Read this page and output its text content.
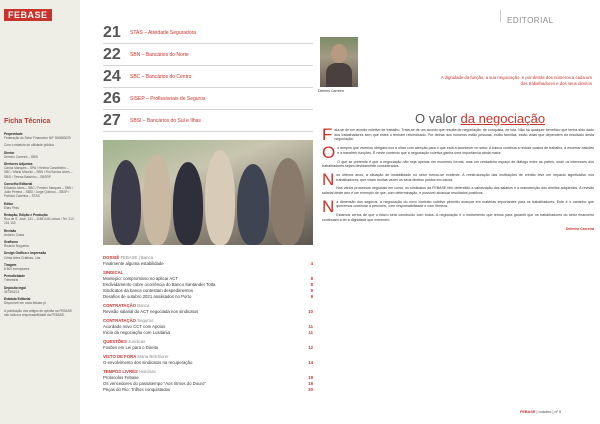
FEBASE
Ficha Técnica

Propriedade
Federação do Setor Financeiro NIF 500883029

Com o estatuto de utilidade pública

Diretor
Delmiro Carreira – SBSI

Diretores Adjuntos
Carlos Marques – SPA / Helena Carvalheiro – SBC / Mário Mourão – SBN / Rui Santos Alves – SBSI / Teresa Baixinho – SBSRP

Conselho Editorial
Eduardo Alves – SBC / Firmino Marques – SBN / João Pereira – SBSI / Jorge Quiroso – SBSP / Patrícia Caixinha – STAS

Editor
Elias Pinto

Redação, Edição e Produção
Rua de S. José, 131 – 1169-046 Lisboa / Tel. 213 216 100

Revisão
António Costa

Grafismo
Ricardo Nogueira

Design Gráfico e Impressão
Clima Artes Gráficas, Lda.

Tiragem
8 500 exemplares

Periodicidade
Trimestral

Depósito legal
367553/13

Estatuto Editorial
Disponível em www.febase.pt

A publicação dos artigos de opinião na FEBASE não indica a responsabilidade da FEBASE.

21	STAS – Atividade Seguradora
22	SBN – Bancários do Norte
24	SBC – Bancários do Centro
26	SISEP – Profissionais de Seguros
27	SBSI – Bancários do Sul e Ilhas
DOSSIÊ FEBASE | Banca
Finalmente alguma estabilidade	4
SINDICAL
Montepio: compromisso no aplicar ACT	8
Endividamento cobre ocorrência do Banco Santander Totta	8
Sindicatos da banca contestam despedimentos	9
Desafios de outubro 2021 analisados no Porto	9
CONTRATAÇÃO Banca
Revisão salarial do ACT negociada nos sindicatos	10
CONTRATAÇÃO Seguros
Acordado novo CCT com Apoios	11
Inicia da negociação com Lusitania	11
QUESTÕES Jurídicas
Fusões em Lei para o Direito	12
VISTO DE FORA Maria Belchiorer
O envolvimento dos sindicatos na recuperação	14
TEMPOS LIVRES Histórias
Protocolos Febase	19
Os vencedores do passatempo "Aos ritmos do Douro"	19
Peças do Rio: Trilhos conquistados	20
EDITORIAL
Delmiro Carreira
A dignidade da função, a sua negociação, e por detrás dos números a cada um dos trabalhadores e dos seus direitos
O valor da negociação

Fala-se de um acordo coletivo de trabalho. Trata-se de um acordo que resulta de negociação, de conquista, de luta. Não há qualquer benefício que tenha sido dado aos trabalhadores sem que estes o tenham reivindicado. Por detrás dos números estão pessoas, estão famílias, estão vidas que dependem do resultado desta negociação.

Os tempos que vivemos obrigam-nos a olhar com atenção para o que está a acontecer no setor. A banca continua a reduzir postos de trabalho, a encerrar balcões e a transferir funções. É neste contexto que a negociação coletiva ganha uma importância ainda maior.

O que se pretende é que a negociação não seja apenas um momento formal, mas um verdadeiro espaço de diálogo entre as partes, onde os interesses dos trabalhadores sejam devidamente considerados.

Nos últimos anos, a situação de instabilidade no setor tornou-se evidente. A reestruturação das instituições de crédito teve um impacto significativo nos trabalhadores, que viram muitas vezes os seus direitos postos em causa.

Nos vários processos negociais em curso, os sindicatos da FEBASE têm defendido a valorização dos salários e a manutenção dos direitos adquiridos. A revisão salarial deste ano é um exemplo de que, com determinação, é possível alcançar resultados positivos.

Na dimensão dos seguros, a negociação do novo contrato coletivo permitiu avançar em matérias importantes para os trabalhadores. Este é o caminho que queremos continuar a percorrer, com responsabilidade e com firmeza.

Estamos certos de que o futuro será construído com todos. A negociação é o instrumento que temos para garantir que os trabalhadores do setor financeiro continuam a ter a dignidade que merecem.

Delmiro Carreira

FEBASE | outubro | nº 5
